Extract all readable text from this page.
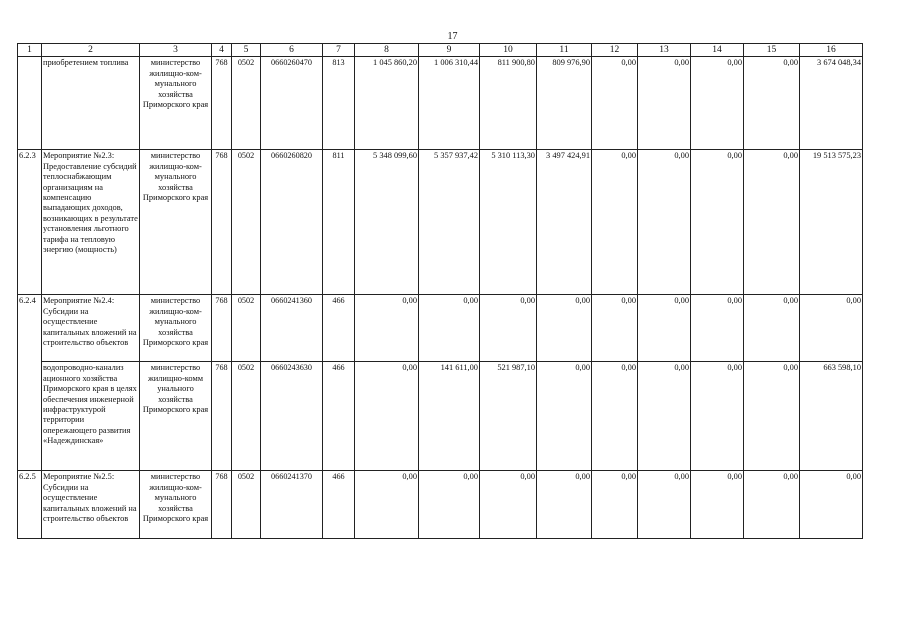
17
1	2	3	4	5	6	7	8	9	10	11	12	13	14	15	16
	приобретением топлива	министерство жилищно-ком-мунального хозяйства Приморского края	768	0502	0660260470	813	1 045 860,20	1 006 310,44	811 900,80	809 976,90	0,00	0,00	0,00	0,00	3 674 048,34
6.2.3	Мероприятие №2.3: Предоставление субсидий теплоснабжающим организациям на компенсацию выпадающих доходов, возникающих в результате установления льготного тарифа на тепловую энергию (мощность)	министерство жилищно-ком-мунального хозяйства Приморского края	768	0502	0660260820	811	5 348 099,60	5 357 937,42	5 310 113,30	3 497 424,91	0,00	0,00	0,00	0,00	19 513 575,23
6.2.4	Мероприятие №2.4: Субсидии на осуществление капитальных вложений на строительство объектов	министерство жилищно-ком-мунального хозяйства Приморского края	768	0502	0660241360	466	0,00	0,00	0,00	0,00	0,00	0,00	0,00	0,00	0,00
	водопроводно-канализ ационного хозяйства Приморского края в целях обеспечения инженерной инфраструктурой территории опережающего развития «Надеждинская»	министерство жилищно-комм унального хозяйства Приморского края	768	0502	0660243630	466	0,00	141 611,00	521 987,10	0,00	0,00	0,00	0,00	0,00	663 598,10
6.2.5	Мероприятие №2.5: Субсидии на осуществление капитальных вложений на строительство объектов	министерство жилищно-ком-мунального хозяйства Приморского края	768	0502	0660241370	466	0,00	0,00	0,00	0,00	0,00	0,00	0,00	0,00	0,00
